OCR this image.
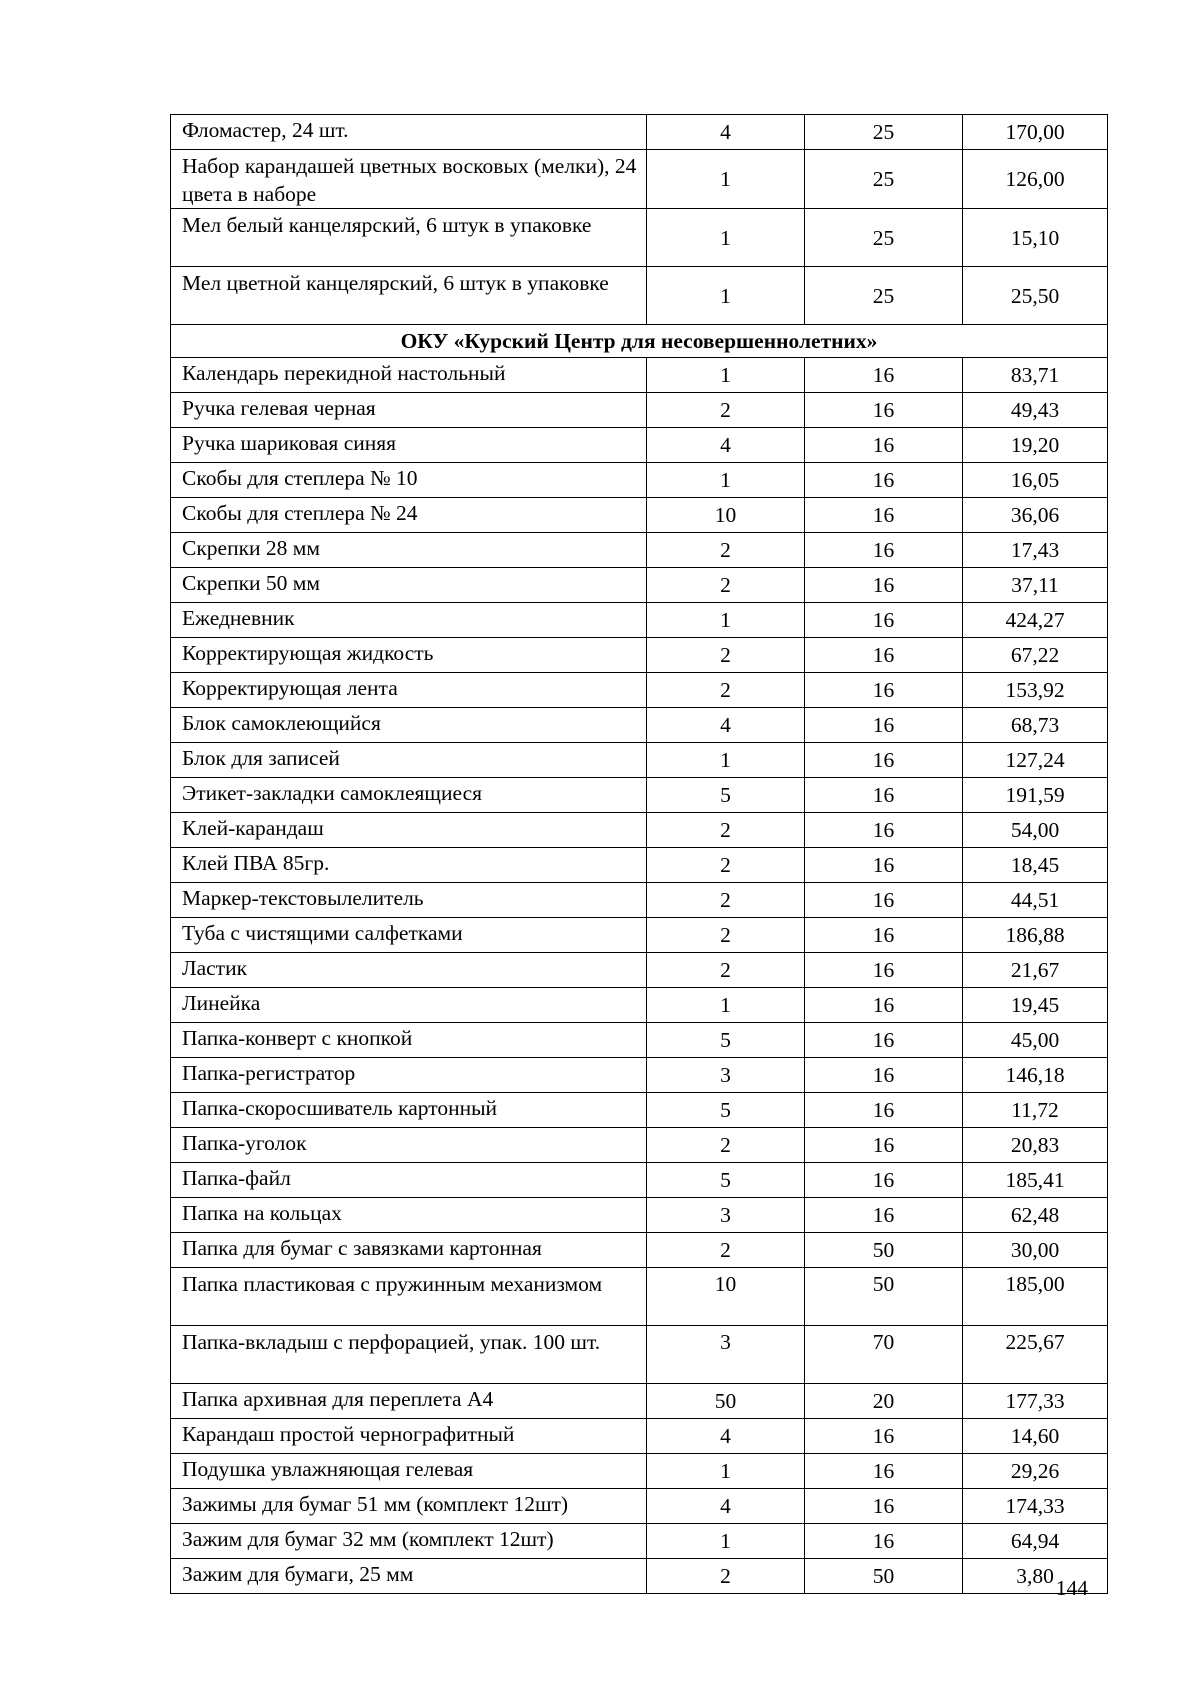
Фломастер, 24 шт.	4	25	170,00
Набор карандашей цветных восковых (мелки), 24 цвета в наборе	1	25	126,00
Мел белый канцелярский, 6 штук в упаковке	1	25	15,10
Мел цветной канцелярский, 6 штук в упаковке	1	25	25,50
ОКУ «Курский Центр для несовершеннолетних»			
Календарь перекидной настольный	1	16	83,71
Ручка гелевая черная	2	16	49,43
Ручка шариковая синяя	4	16	19,20
Скобы для степлера № 10	1	16	16,05
Скобы для степлера № 24	10	16	36,06
Скрепки 28 мм	2	16	17,43
Скрепки 50 мм	2	16	37,11
Ежедневник	1	16	424,27
Корректирующая жидкость	2	16	67,22
Корректирующая лента	2	16	153,92
Блок самоклеющийся	4	16	68,73
Блок для записей	1	16	127,24
Этикет-закладки самоклеящиеся	5	16	191,59
Клей-карандаш	2	16	54,00
Клей ПВА 85гр.	2	16	18,45
Маркер-текстовылелитель	2	16	44,51
Туба с чистящими салфетками	2	16	186,88
Ластик	2	16	21,67
Линейка	1	16	19,45
Папка-конверт с кнопкой	5	16	45,00
Папка-регистратор	3	16	146,18
Папка-скоросшиватель картонный	5	16	11,72
Папка-уголок	2	16	20,83
Папка-файл	5	16	185,41
Папка на кольцах	3	16	62,48
Папка для бумаг с завязками картонная	2	50	30,00
Папка пластиковая с пружинным механизмом	10	50	185,00
Папка-вкладыш с перфорацией, упак. 100 шт.	3	70	225,67
Папка архивная для переплета А4	50	20	177,33
Карандаш простой чернографитный	4	16	14,60
Подушка увлажняющая гелевая	1	16	29,26
Зажимы для бумаг 51 мм (комплект 12шт)	4	16	174,33
Зажим для бумаг 32 мм (комплект 12шт)	1	16	64,94
Зажим для бумаги, 25 мм	2	50	3,80 144
